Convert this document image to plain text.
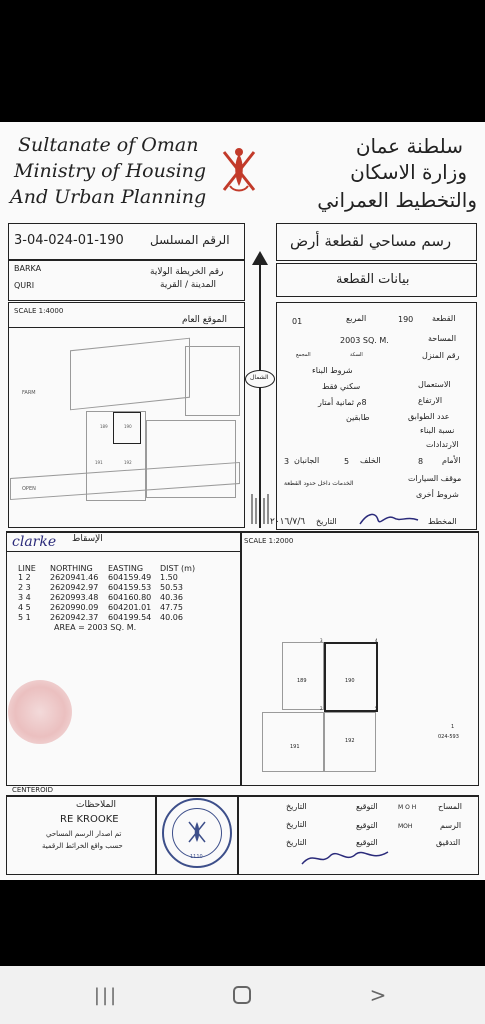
Sultanate of Oman
Ministry of Housing
And Urban Planning
سلطنة عمان
وزارة الاسكان
والتخطيط العمراني
3-04-024-01-190 الرقم المسلسل	رسم مساحي لقطعة أرض
BARKA
QURI
رقم الخريطة الولاية
المدينة / القرية	بيانات القطعة
SCALE 1:4000
الموقع العام
FARM
OPEN
190
189
191	192
الشمال
01	المربع	190 القطعة
2003 SQ. M.	المساحة
السكة
المجمع	رقم المنزل
شروط البناء
سكني فقط	الاستعمال
8م ثمانية أمتار	الارتفاع
طابقين	عدد الطوابق
نسبة البناء
الارتدادات
3 الجانبان	5 الخلف	8 الأمام
الخدمات داخل حدود القطعة
موقف السيارات
شروط أخرى
٢٠١٦/٧/٦ التاريخ	المخطط
clarke الإسقاط	SCALE 1:2000
LINE	NORTHING	EASTING	DIST (m)
1 2	2620941.46	604159.49	1.50
2 3	2620942.97	604159.53	50.53
3 4	2620993.48	604160.80	40.36
4 5	2620990.09	604201.01	47.75
5 1	2620942.37	604199.54	40.06
AREA = 2003 SQ. M.
189	190
191
192
2
3	4
5
1
024-593
CENTEROID
الملاحظات
RE KROOKE
تم اصدار الرسم المساحي
حسب واقع الخرائط الرقمية
1110
التاريخ	التوقيع	M O H	المساح
التاريخ	التوقيع	MOH	الرسم
التاريخ	التوقيع	التدقيق
|||	>
